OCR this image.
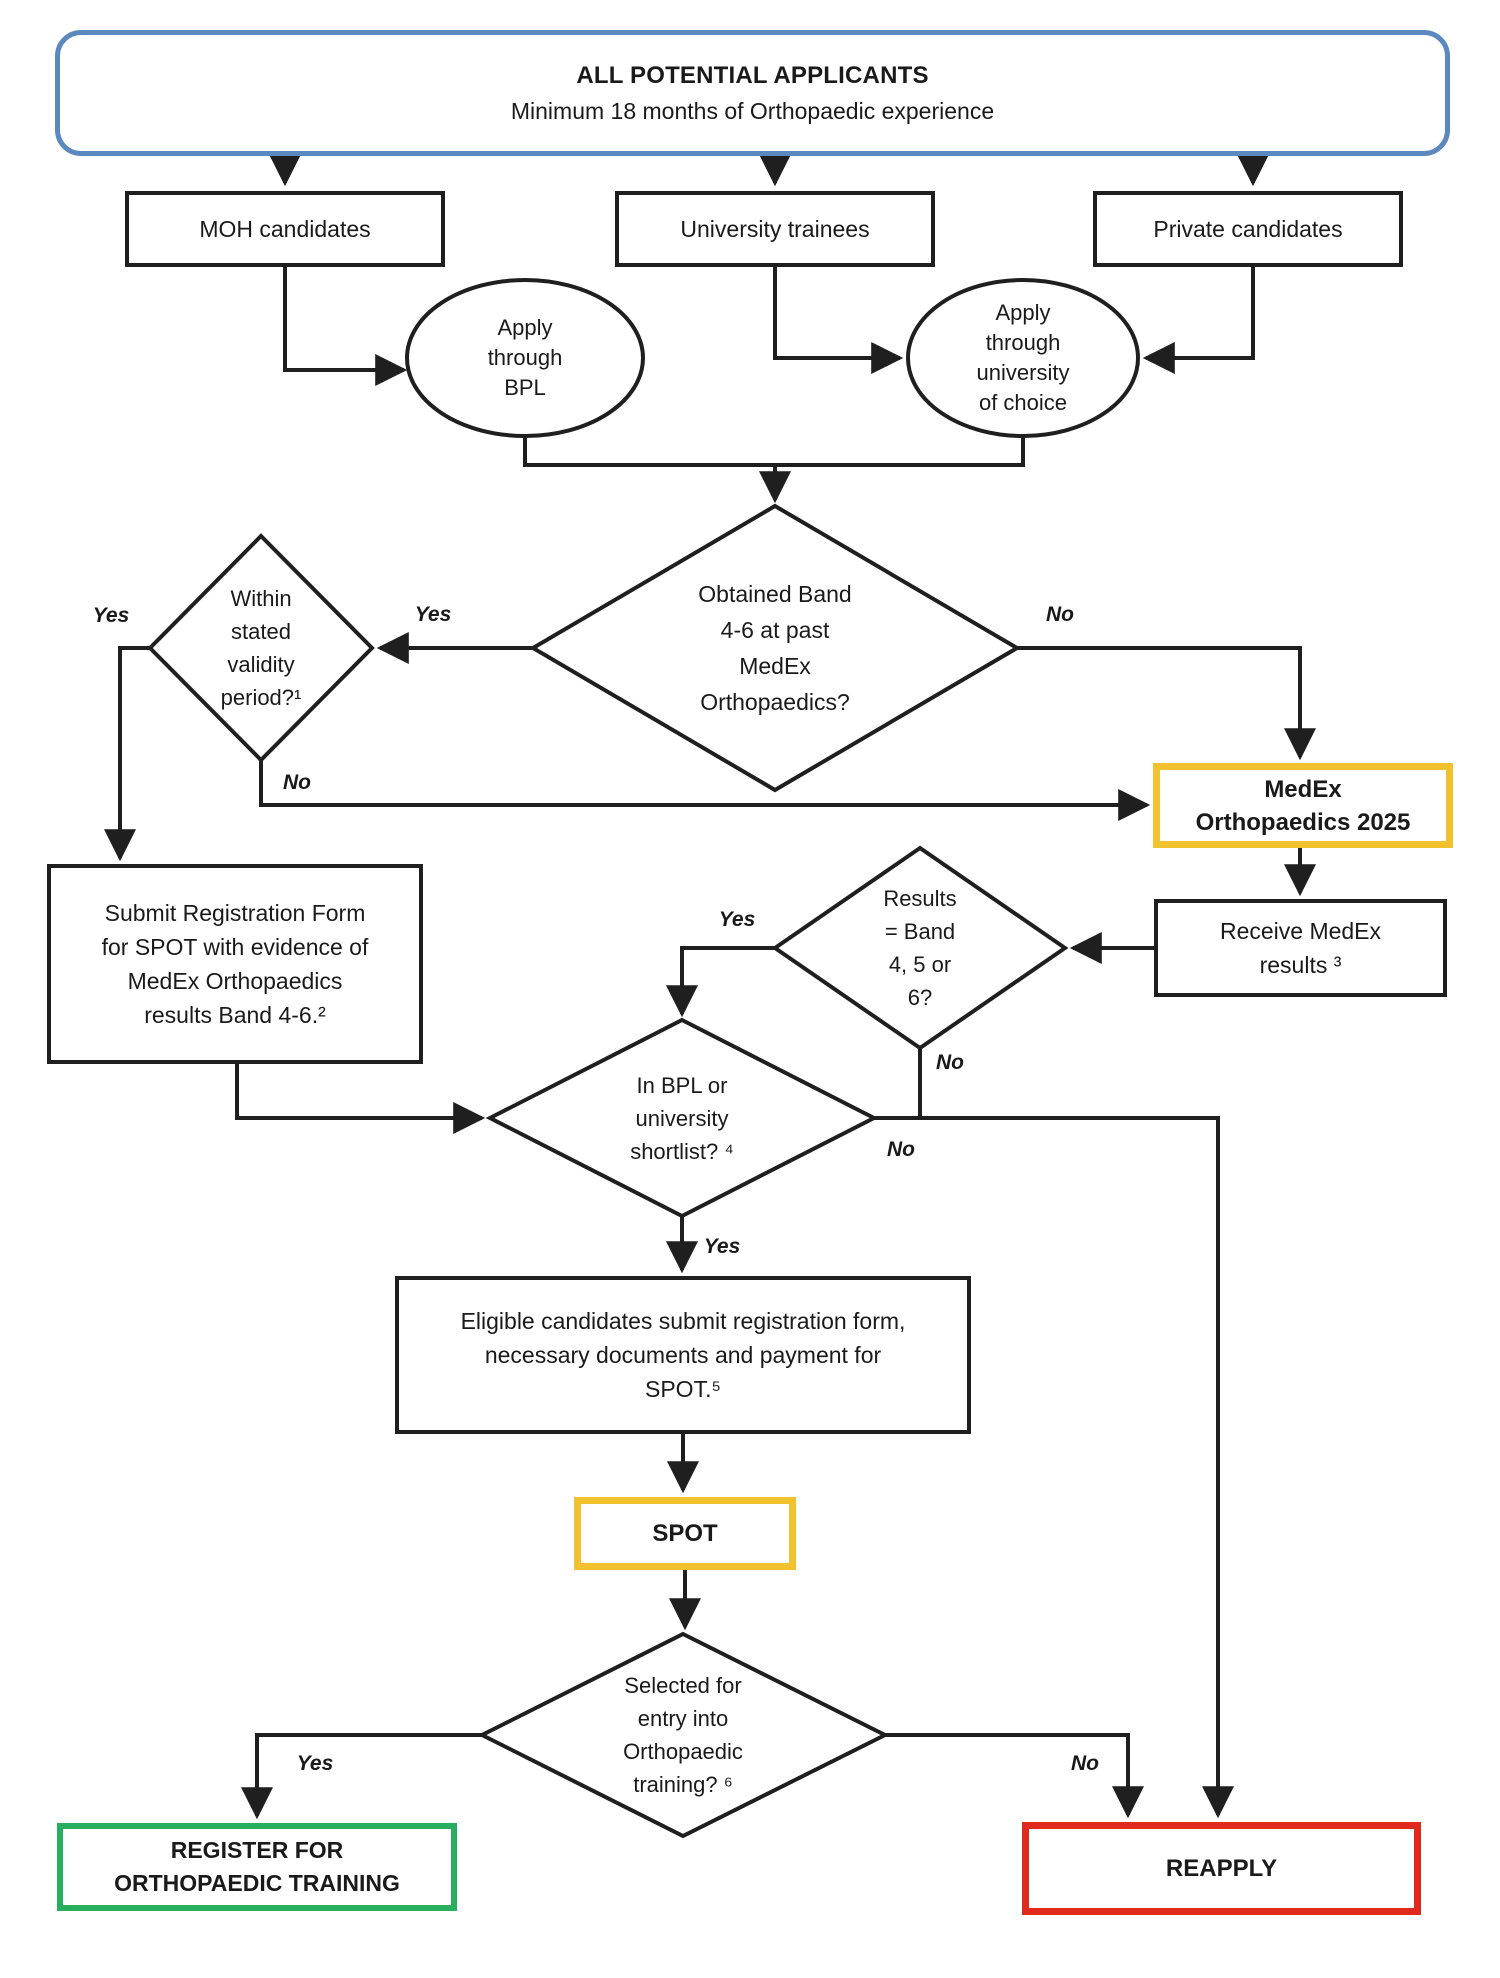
ALL POTENTIAL APPLICANTS
Minimum 18 months of Orthopaedic experience
MOH candidates	University trainees	Private candidates
Apply
through
BPL
Apply
through
university
of choice
Obtained Band
4-6 at past
MedEx
Orthopaedics?
Within
stated
validity
period?¹
Results
= Band
4, 5 or
6?
In BPL or
university
shortlist? ⁴
Selected for
entry into
Orthopaedic
training? ⁶
MedEx
Orthopaedics 2025
Receive MedEx
results ³
Submit Registration Form
for SPOT with evidence of
MedEx Orthopaedics
results Band 4-6.²
Eligible candidates submit registration form,
necessary documents and payment for
SPOT.⁵
SPOT
REGISTER FOR
ORTHOPAEDIC TRAINING
REAPPLY
Yes	No
Yes
No
Yes
No
No
Yes
Yes	No
